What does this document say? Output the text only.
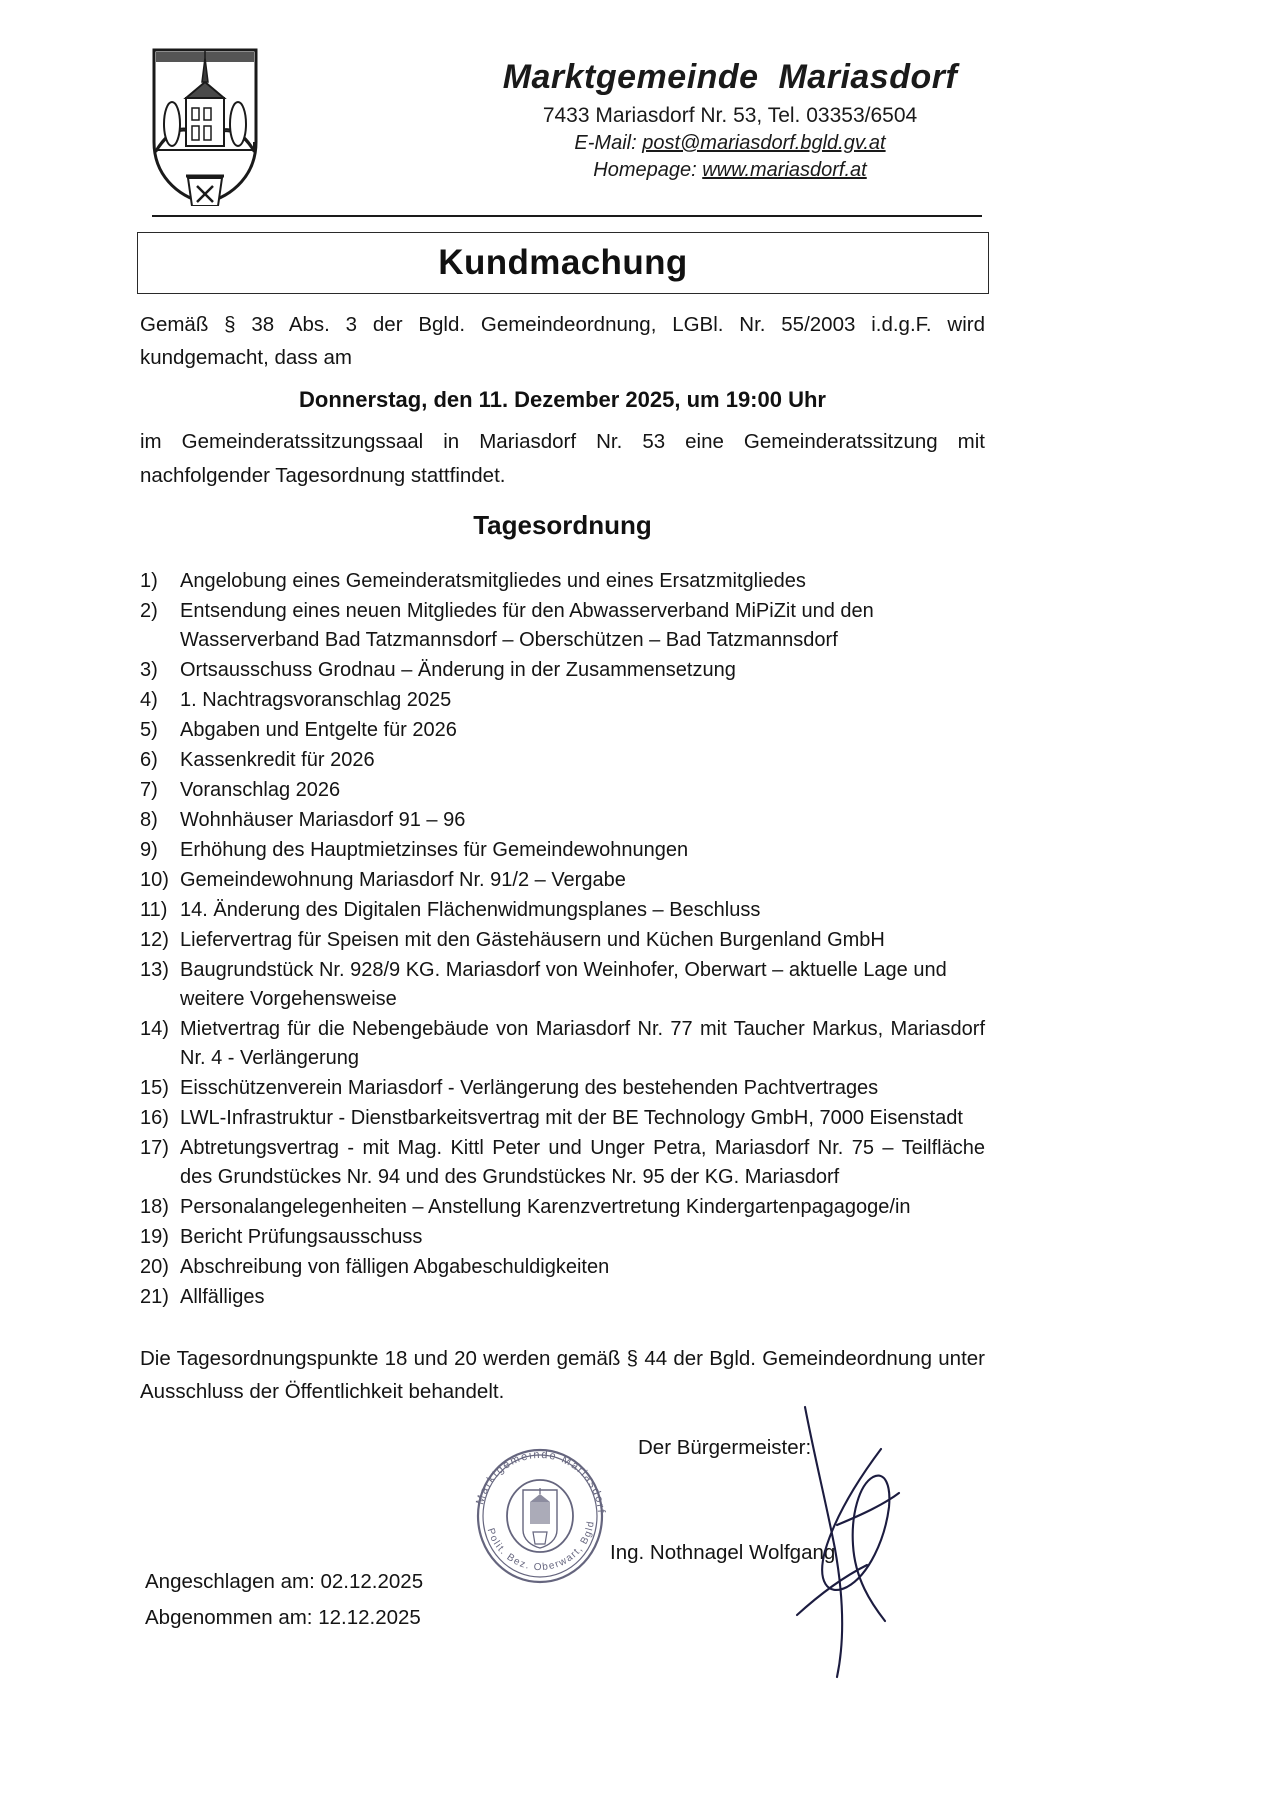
Marktgemeinde  Mariasdorf
7433 Mariasdorf Nr. 53, Tel. 03353/6504
E-Mail: post@mariasdorf.bgld.gv.at
Homepage: www.mariasdorf.at
Kundmachung

Gemäß § 38 Abs. 3 der Bgld. Gemeindeordnung, LGBl. Nr. 55/2003 i.d.g.F. wird kundgemacht, dass am

Donnerstag, den 11. Dezember 2025, um 19:00 Uhr

im Gemeinderatssitzungssaal in Mariasdorf Nr. 53 eine Gemeinderatssitzung mit nachfolgender Tagesordnung stattfindet.

Tagesordnung
1)	Angelobung eines Gemeinderatsmitgliedes und eines Ersatzmitgliedes
2)	Entsendung eines neuen Mitgliedes für den Abwasserverband MiPiZit und den Wasserverband Bad Tatzmannsdorf – Oberschützen – Bad Tatzmannsdorf
3)	Ortsausschuss Grodnau – Änderung in der Zusammensetzung
4)	1. Nachtragsvoranschlag 2025
5)	Abgaben und Entgelte für 2026
6)	Kassenkredit für 2026
7)	Voranschlag 2026
8)	Wohnhäuser Mariasdorf 91 – 96
9)	Erhöhung des Hauptmietzinses für Gemeindewohnungen
10) Gemeindewohnung Mariasdorf Nr. 91/2 – Vergabe
11) 14. Änderung des Digitalen Flächenwidmungsplanes – Beschluss
12) Liefervertrag für Speisen mit den Gästehäusern und Küchen Burgenland GmbH
13) Baugrundstück Nr. 928/9 KG. Mariasdorf von Weinhofer, Oberwart – aktuelle Lage und weitere Vorgehensweise
14) Mietvertrag für die Nebengebäude von Mariasdorf Nr. 77 mit Taucher Markus, Mariasdorf Nr. 4 - Verlängerung
15) Eisschützenverein Mariasdorf - Verlängerung des bestehenden Pachtvertrages
16) LWL-Infrastruktur - Dienstbarkeitsvertrag mit der BE Technology GmbH, 7000 Eisenstadt
17) Abtretungsvertrag - mit Mag. Kittl Peter und Unger Petra, Mariasdorf Nr. 75 – Teilfläche des Grundstückes Nr. 94 und des Grundstückes Nr. 95 der KG. Mariasdorf
18) Personalangelegenheiten – Anstellung Karenzvertretung Kindergartenpagagoge/in
19) Bericht Prüfungsausschuss
20) Abschreibung von fälligen Abgabeschuldigkeiten
21) Allfälliges

Die Tagesordnungspunkte 18 und 20 werden gemäß § 44 der Bgld. Gemeindeordnung unter Ausschluss der Öffentlichkeit behandelt.

Marktgemeinde Mariasdorf
Polit. Bez. Oberwart, Bgld
Der Bürgermeister:
Ing. Nothnagel Wolfgang
Angeschlagen am: 02.12.2025
Abgenommen am: 12.12.2025
